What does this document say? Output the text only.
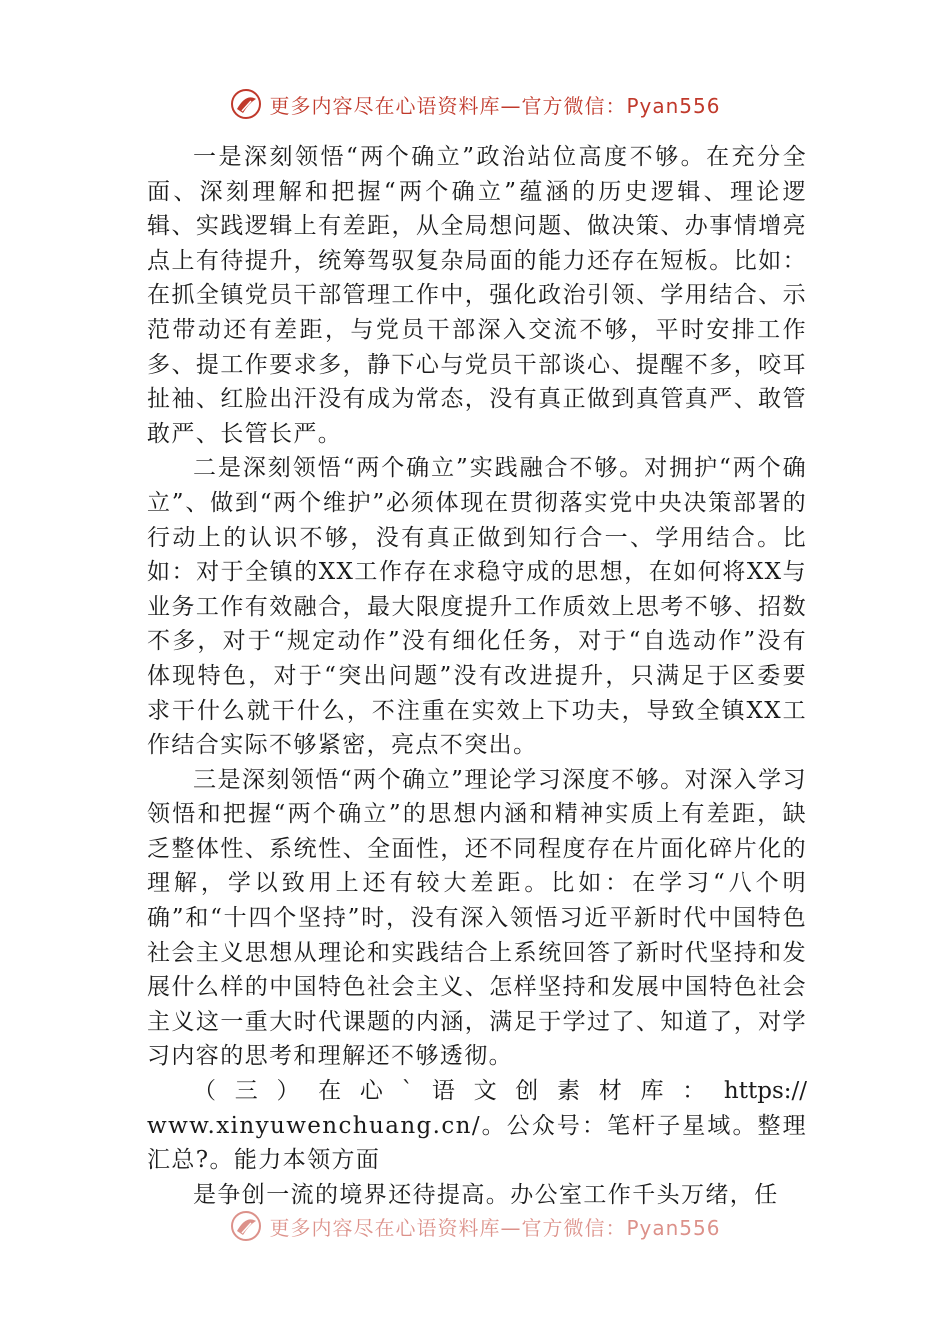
更多内容尽在心语资料库—官方微信：Pyan556

一是深刻领悟“两个确立”政治站位高度不够。在充分全面、深刻理解和把握“两个确立”蕴涵的历史逻辑、理论逻辑、实践逻辑上有差距，从全局想问题、做决策、办事情增亮点上有待提升，统筹驾驭复杂局面的能力还存在短板。比如：在抓全镇党员干部管理工作中，强化政治引领、学用结合、示范带动还有差距，与党员干部深入交流不够，平时安排工作多、提工作要求多，静下心与党员干部谈心、提醒不多，咬耳扯袖、红脸出汗没有成为常态，没有真正做到真管真严、敢管敢严、长管长严。

二是深刻领悟“两个确立”实践融合不够。对拥护“两个确立”、做到“两个维护”必须体现在贯彻落实党中央决策部署的行动上的认识不够，没有真正做到知行合一、学用结合。比如：对于全镇的XX工作存在求稳守成的思想，在如何将XX与业务工作有效融合，最大限度提升工作质效上思考不够、招数不多，对于“规定动作”没有细化任务，对于“自选动作”没有体现特色，对于“突出问题”没有改进提升，只满足于区委要求干什么就干什么，不注重在实效上下功夫，导致全镇XX工作结合实际不够紧密，亮点不突出。

三是深刻领悟“两个确立”理论学习深度不够。对深入学习领悟和把握“两个确立”的思想内涵和精神实质上有差距，缺乏整体性、系统性、全面性，还不同程度存在片面化碎片化的理解，学以致用上还有较大差距。比如：在学习“八个明确”和“十四个坚持”时，没有深入领悟习近平新时代中国特色社会主义思想从理论和实践结合上系统回答了新时代坚持和发展什么样的中国特色社会主义、怎样坚持和发展中国特色社会主义这一重大时代课题的内涵，满足于学过了、知道了，对学习内容的思考和理解还不够透彻。

（三）在心`语文创素材库：https://

www.xinyuwenchuang.cn/。公众号：笔杆子星域。整理汇总?。能力本领方面

是争创一流的境界还待提高。办公室工作千头万绪，任

更多内容尽在心语资料库—官方微信：Pyan556
